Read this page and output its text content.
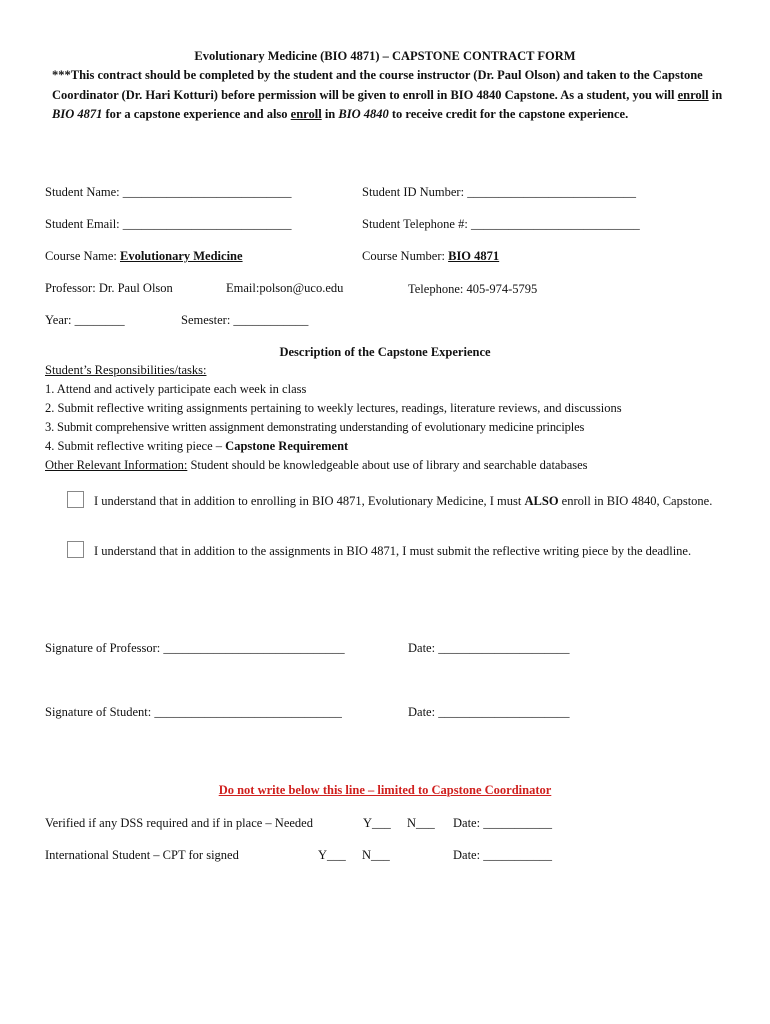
Evolutionary Medicine (BIO 4871) – CAPSTONE CONTRACT FORM
***This contract should be completed by the student and the course instructor (Dr. Paul Olson) and taken to the Capstone Coordinator (Dr. Hari Kotturi) before permission will be given to enroll in BIO 4840 Capstone. As a student, you will enroll in BIO 4871 for a capstone experience and also enroll in BIO 4840 to receive credit for the capstone experience.
Student Name: ___________________________	Student ID Number: ___________________________
Student Email: ___________________________	Student Telephone #: ___________________________
Course Name: Evolutionary Medicine	Course Number: BIO 4871
Professor: Dr. Paul Olson	Email:polson@uco.edu	Telephone: 405-974-5795
Year: ________	Semester: ____________
Description of the Capstone Experience
Student’s Responsibilities/tasks:
1. Attend and actively participate each week in class
2. Submit reflective writing assignments pertaining to weekly lectures, readings, literature reviews, and discussions
3. Submit comprehensive written assignment demonstrating understanding of evolutionary medicine principles
4. Submit reflective writing piece – Capstone Requirement
Other Relevant Information: Student should be knowledgeable about use of library and searchable databases
I understand that in addition to enrolling in BIO 4871, Evolutionary Medicine, I must ALSO enroll in BIO 4840, Capstone.
I understand that in addition to the assignments in BIO 4871, I must submit the reflective writing piece by the deadline.
Signature of Professor: _____________________________	Date: _____________________
Signature of Student: ______________________________	Date: _____________________
Do not write below this line – limited to Capstone Coordinator
Verified if any DSS required and if in place – Needed	Y___ N___ Date: ___________
International Student – CPT for signed	Y___ N___	Date: ___________
